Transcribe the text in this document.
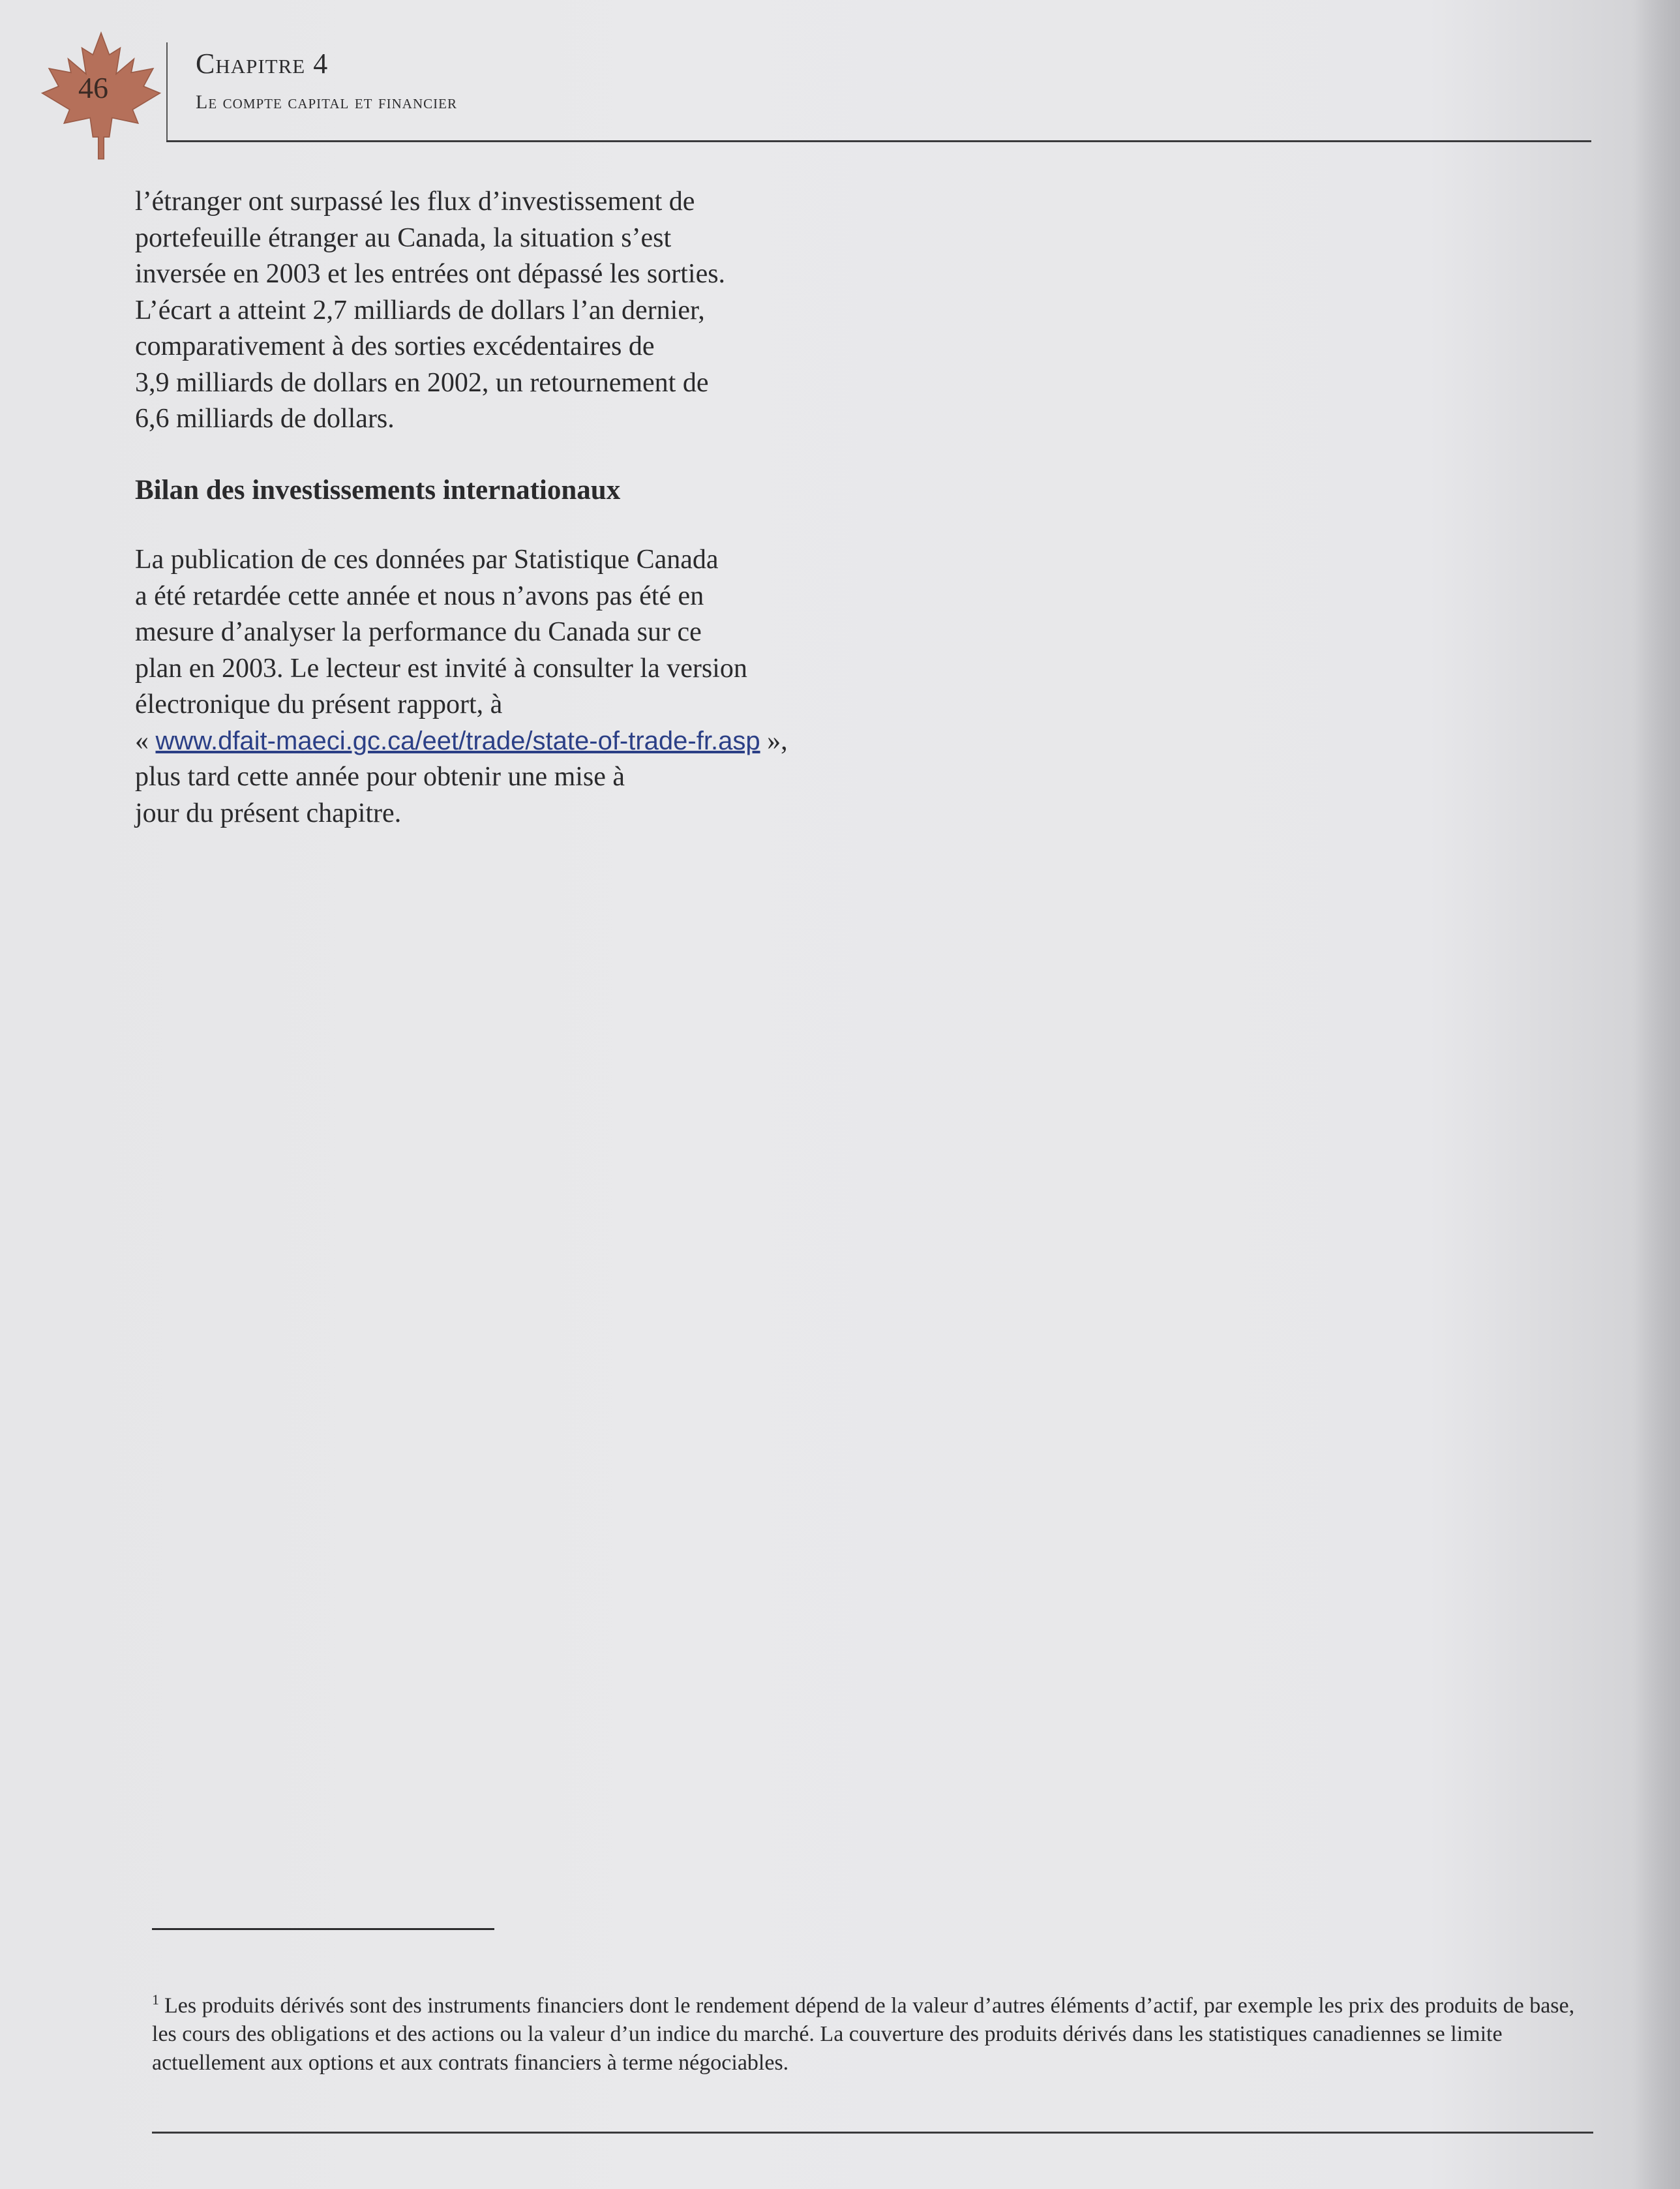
46
Chapitre 4
Le compte capital et financier
l’étranger ont surpassé les flux d’investissement de
portefeuille étranger au Canada, la situation s’est
inversée en 2003 et les entrées ont dépassé les sorties.
L’écart a atteint 2,7 milliards de dollars l’an dernier,
comparativement à des sorties excédentaires de
3,9 milliards de dollars en 2002, un retournement de
6,6 milliards de dollars.
Bilan des investissements internationaux
La publication de ces données par Statistique Canada
a été retardée cette année et nous n’avons pas été en
mesure d’analyser la performance du Canada sur ce
plan en 2003. Le lecteur est invité à consulter la version
électronique du présent rapport, à
« www.dfait-maeci.gc.ca/eet/trade/state-of-trade-fr.asp »,
plus tard cette année pour obtenir une mise à
jour du présent chapitre.
$^1$ Les produits dérivés sont des instruments financiers dont le rendement dépend de la valeur d’autres éléments d’actif, par exemple les prix des produits de base, les cours des obligations et des actions ou la valeur d’un indice du marché. La couverture des produits dérivés dans les statistiques canadiennes se limite actuellement aux options et aux contrats financiers à terme négociables.
